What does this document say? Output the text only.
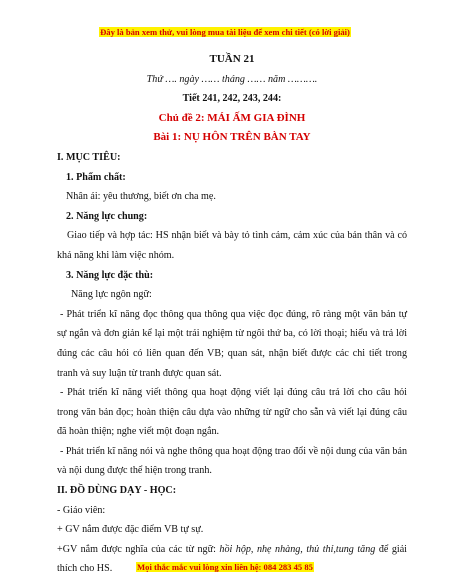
Đây là bản xem thử, vui lòng mua tài liệu để xem chi tiết (có lời giải)
TUẦN 21
Thứ …. ngày …… tháng …… năm ……….
Tiết 241, 242, 243, 244:
Chủ đề 2: MÁI ẤM GIA ĐÌNH
Bài 1: NỤ HÔN TRÊN BÀN TAY
I. MỤC TIÊU:
1. Phẩm chất:
Nhân ái: yêu thương, biết ơn cha mẹ.
2. Năng lực chung:
Giao tiếp và hợp tác: HS nhận biết và bày tỏ tình cảm, cảm xúc của bản thân và có khả năng khi làm việc nhóm.
3. Năng lực đặc thù:
Năng lực ngôn ngữ:
- Phát triển kĩ năng đọc thông qua thông qua việc đọc đúng, rõ ràng một văn bản tự sự ngắn và đơn giản kể lại một trải nghiệm từ ngôi thứ ba, có lời thoại; hiểu và trả lời đúng các câu hỏi có liên quan đến VB; quan sát, nhận biết được các chi tiết trong tranh và suy luận từ tranh được quan sát.
- Phát triển kĩ năng viết thông qua hoạt động viết lại đúng câu trả lời cho câu hỏi trong văn bản đọc; hoàn thiện câu dựa vào những từ ngữ cho sẵn và viết lại đúng câu đã hoàn thiện; nghe viết một đoạn ngắn.
- Phát triển kĩ năng nói và nghe thông qua hoạt động trao đổi về nội dung của văn bản và nội dung được thể hiện trong tranh.
II. ĐỒ DÙNG DẠY - HỌC:
- Giáo viên:
+ GV nắm được đặc điểm VB tự sự.
+GV nắm được nghĩa của các từ ngữ: hồi hộp, nhẹ nhàng, thủ thỉ,tung tăng để giải thích cho HS.	Mọi thắc mắc vui lòng xin liên hệ: 084 283 45 85
